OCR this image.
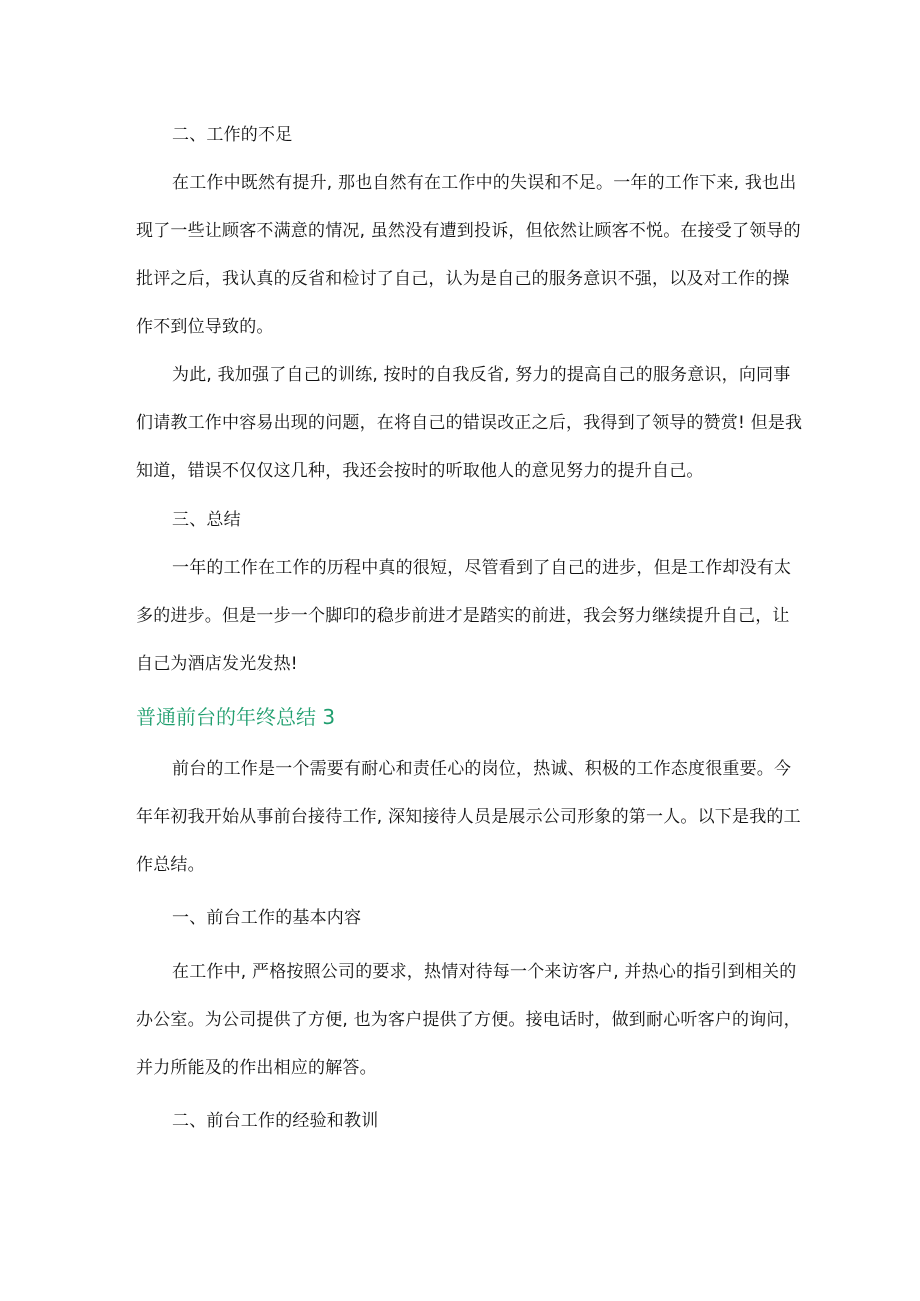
二、工作的不足
在工作中既然有提升, 那也自然有在工作中的失误和不足。一年的工作下来, 我也出
现了一些让顾客不满意的情况, 虽然没有遭到投诉，但依然让顾客不悦。在接受了领导的
批评之后，我认真的反省和检讨了自己，认为是自己的服务意识不强，以及对工作的操
作不到位导致的。
为此, 我加强了自己的训练, 按时的自我反省, 努力的提高自己的服务意识，向同事
们请教工作中容易出现的问题，在将自己的错误改正之后，我得到了领导的赞赏! 但是我
知道，错误不仅仅这几种，我还会按时的听取他人的意见努力的提升自己。
三、总结
一年的工作在工作的历程中真的很短，尽管看到了自己的进步，但是工作却没有太
多的进步。但是一步一个脚印的稳步前进才是踏实的前进，我会努力继续提升自己，让
自己为酒店发光发热!
普通前台的年终总结 3
前台的工作是一个需要有耐心和责任心的岗位，热诚、积极的工作态度很重要。今
年年初我开始从事前台接待工作, 深知接待人员是展示公司形象的第一人。以下是我的工
作总结。
一、前台工作的基本内容
在工作中, 严格按照公司的要求，热情对待每一个来访客户, 并热心的指引到相关的
办公室。为公司提供了方便, 也为客户提供了方便。接电话时，做到耐心听客户的询问，
并力所能及的作出相应的解答。
二、前台工作的经验和教训
